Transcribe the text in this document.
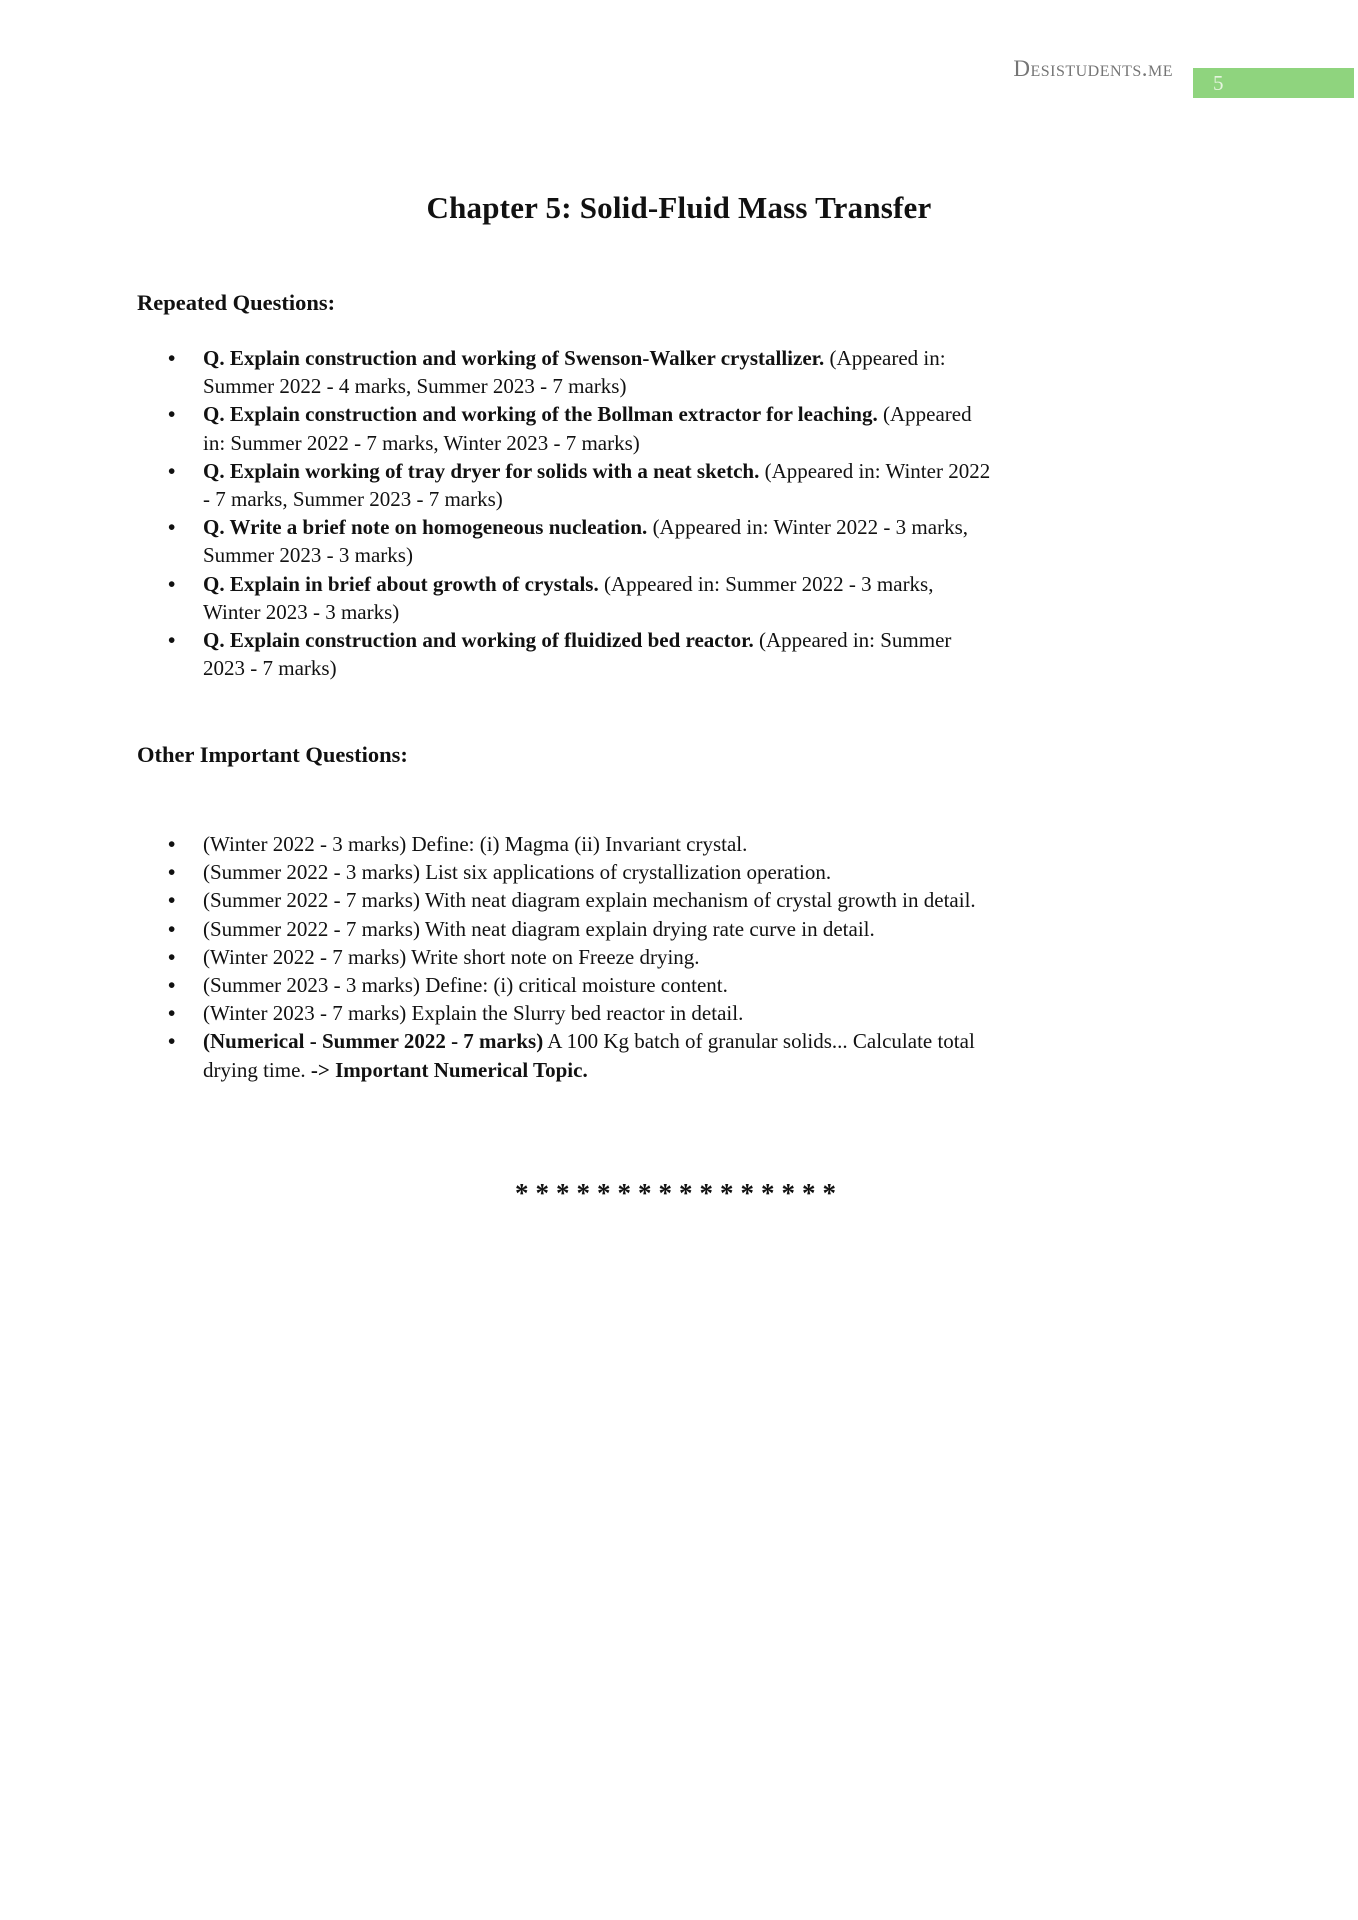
Desistudents.me
5
Chapter 5: Solid-Fluid Mass Transfer
Repeated Questions:
• Q. Explain construction and working of Swenson-Walker crystallizer. (Appeared in:
Summer 2022 - 4 marks, Summer 2023 - 7 marks)
• Q. Explain construction and working of the Bollman extractor for leaching. (Appeared
in: Summer 2022 - 7 marks, Winter 2023 - 7 marks)
• Q. Explain working of tray dryer for solids with a neat sketch. (Appeared in: Winter 2022
- 7 marks, Summer 2023 - 7 marks)
• Q. Write a brief note on homogeneous nucleation. (Appeared in: Winter 2022 - 3 marks,
Summer 2023 - 3 marks)
• Q. Explain in brief about growth of crystals. (Appeared in: Summer 2022 - 3 marks,
Winter 2023 - 3 marks)
• Q. Explain construction and working of fluidized bed reactor. (Appeared in: Summer
2023 - 7 marks)
Other Important Questions:
• (Winter 2022 - 3 marks) Define: (i) Magma (ii) Invariant crystal.
• (Summer 2022 - 3 marks) List six applications of crystallization operation.
• (Summer 2022 - 7 marks) With neat diagram explain mechanism of crystal growth in detail.
• (Summer 2022 - 7 marks) With neat diagram explain drying rate curve in detail.
• (Winter 2022 - 7 marks) Write short note on Freeze drying.
• (Summer 2023 - 3 marks) Define: (i) critical moisture content.
• (Winter 2023 - 7 marks) Explain the Slurry bed reactor in detail.
• (Numerical - Summer 2022 - 7 marks) A 100 Kg batch of granular solids... Calculate total
drying time. -> Important Numerical Topic.
****************
